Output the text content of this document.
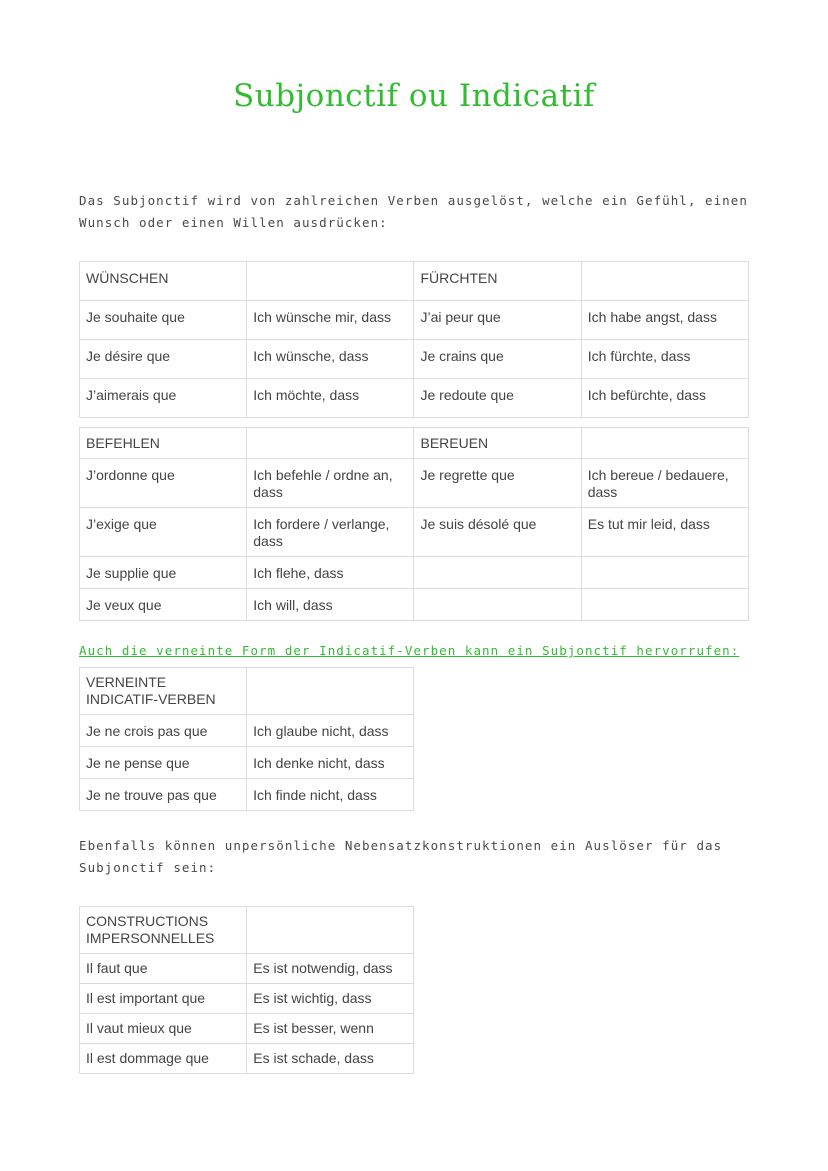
Subjonctif ou Indicatif
Das Subjonctif wird von zahlreichen Verben ausgelöst, welche ein Gefühl, einen Wunsch oder einen Willen ausdrücken:
WÜNSCHEN		FÜRCHTEN	
Je souhaite que	Ich wünsche mir, dass	J’ai peur que	Ich habe angst, dass
Je désire que	Ich wünsche, dass	Je crains que	Ich fürchte, dass
J’aimerais que	Ich möchte, dass	Je redoute que	Ich befürchte, dass
BEFEHLEN		BEREUEN	
J’ordonne que	Ich befehle / ordne an, dass	Je regrette que	Ich bereue / bedauere, dass
J’exige que	Ich fordere / verlange, dass	Je suis désolé que	Es tut mir leid, dass
Je supplie que	Ich flehe, dass		
Je veux que	Ich will, dass		
Auch die verneinte Form der Indicatif-Verben kann ein Subjonctif hervorrufen:
VERNEINTE INDICATIF-VERBEN	
Je ne crois pas que	Ich glaube nicht, dass
Je ne pense que	Ich denke nicht, dass
Je ne trouve pas que	Ich finde nicht, dass
Ebenfalls können unpersönliche Nebensatzkonstruktionen ein Auslöser für das Subjonctif sein:
CONSTRUCTIONS IMPERSONNELLES	
Il faut que	Es ist notwendig, dass
Il est important que	Es ist wichtig, dass
Il vaut mieux que	Es ist besser, wenn
Il est dommage que	Es ist schade, dass
